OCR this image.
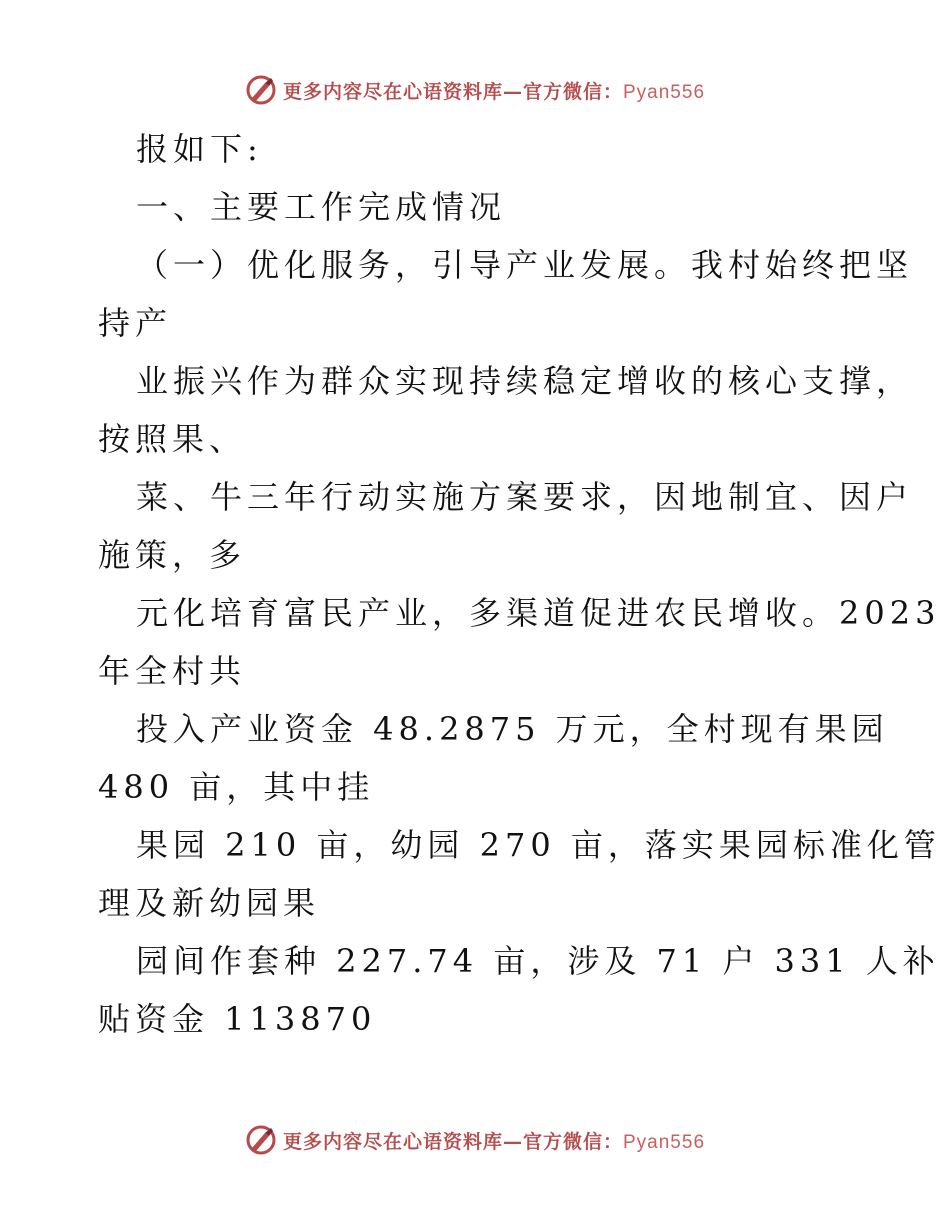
更多内容尽在心语资料库—官方微信：Pyan556
报如下:
一、主要工作完成情况
（一）优化服务，引导产业发展。我村始终把坚
持产
业振兴作为群众实现持续稳定增收的核心支撑，
按照果、
菜、牛三年行动实施方案要求，因地制宜、因户
施策，多
元化培育富民产业，多渠道促进农民增收。2023
年全村共
投入产业资金 48.2875 万元，全村现有果园
480 亩，其中挂
果园 210 亩，幼园 270 亩，落实果园标准化管
理及新幼园果
园间作套种 227.74 亩，涉及 71 户 331 人补
贴资金 113870
更多内容尽在心语资料库—官方微信：Pyan556
